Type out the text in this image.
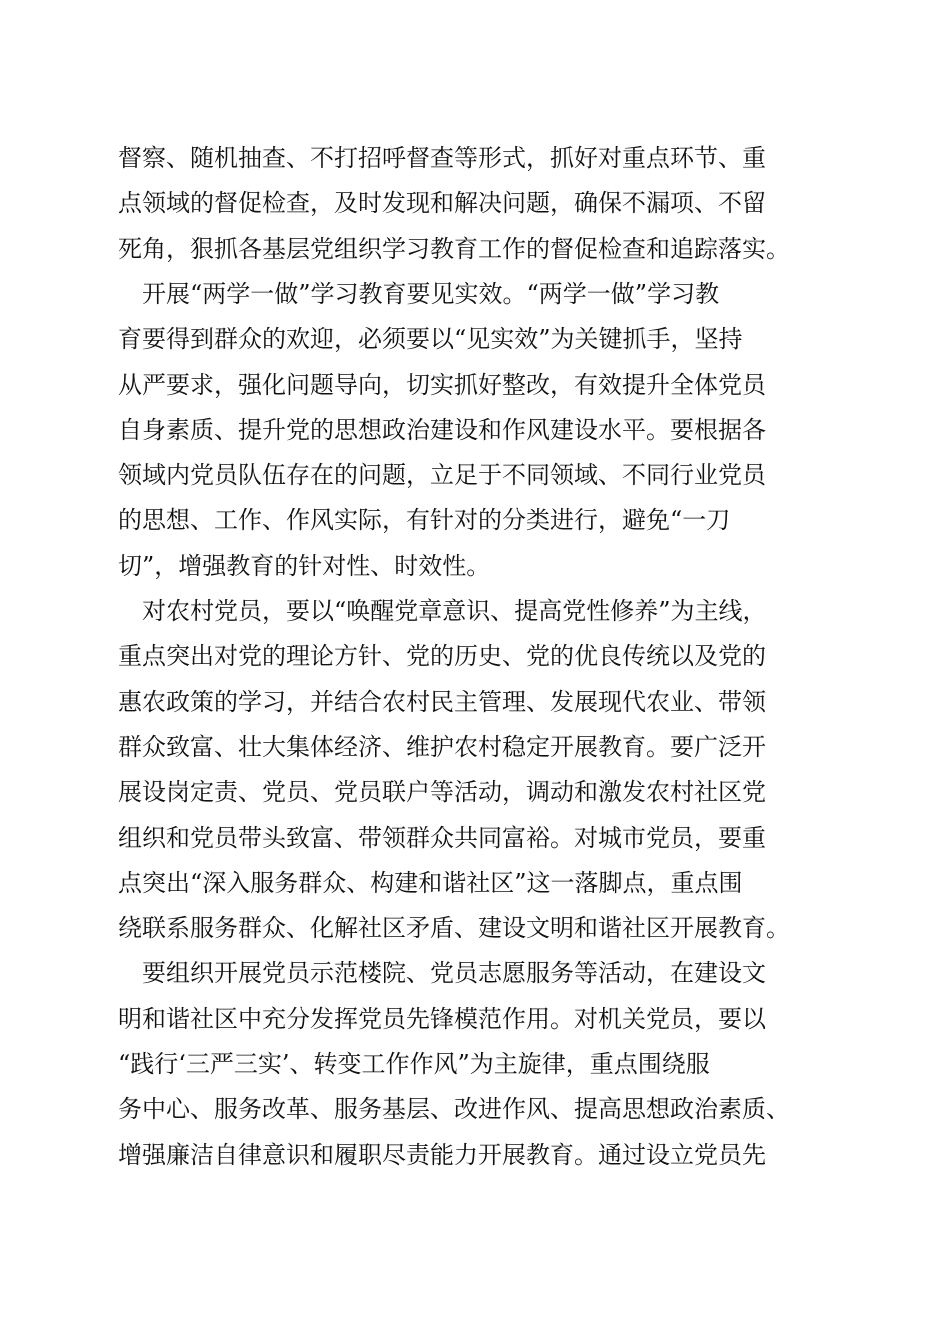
督察、随机抽查、不打招呼督查等形式，抓好对重点环节、重
点领域的督促检查，及时发现和解决问题，确保不漏项、不留
死角，狠抓各基层党组织学习教育工作的督促检查和追踪落实。
　开展“两学一做”学习教育要见实效。“两学一做”学习教
育要得到群众的欢迎，必须要以“见实效”为关键抓手，坚持
从严要求，强化问题导向，切实抓好整改，有效提升全体党员
自身素质、提升党的思想政治建设和作风建设水平。要根据各
领域内党员队伍存在的问题，立足于不同领域、不同行业党员
的思想、工作、作风实际，有针对的分类进行，避免“一刀
切”，增强教育的针对性、时效性。
　对农村党员，要以“唤醒党章意识、提高党性修养”为主线，
重点突出对党的理论方针、党的历史、党的优良传统以及党的
惠农政策的学习，并结合农村民主管理、发展现代农业、带领
群众致富、壮大集体经济、维护农村稳定开展教育。要广泛开
展设岗定责、党员、党员联户等活动，调动和激发农村社区党
组织和党员带头致富、带领群众共同富裕。对城市党员，要重
点突出“深入服务群众、构建和谐社区”这一落脚点，重点围
绕联系服务群众、化解社区矛盾、建设文明和谐社区开展教育。
　要组织开展党员示范楼院、党员志愿服务等活动，在建设文
明和谐社区中充分发挥党员先锋模范作用。对机关党员，要以
“践行‘三严三实’、转变工作作风”为主旋律，重点围绕服
务中心、服务改革、服务基层、改进作风、提高思想政治素质、
增强廉洁自律意识和履职尽责能力开展教育。通过设立党员先
